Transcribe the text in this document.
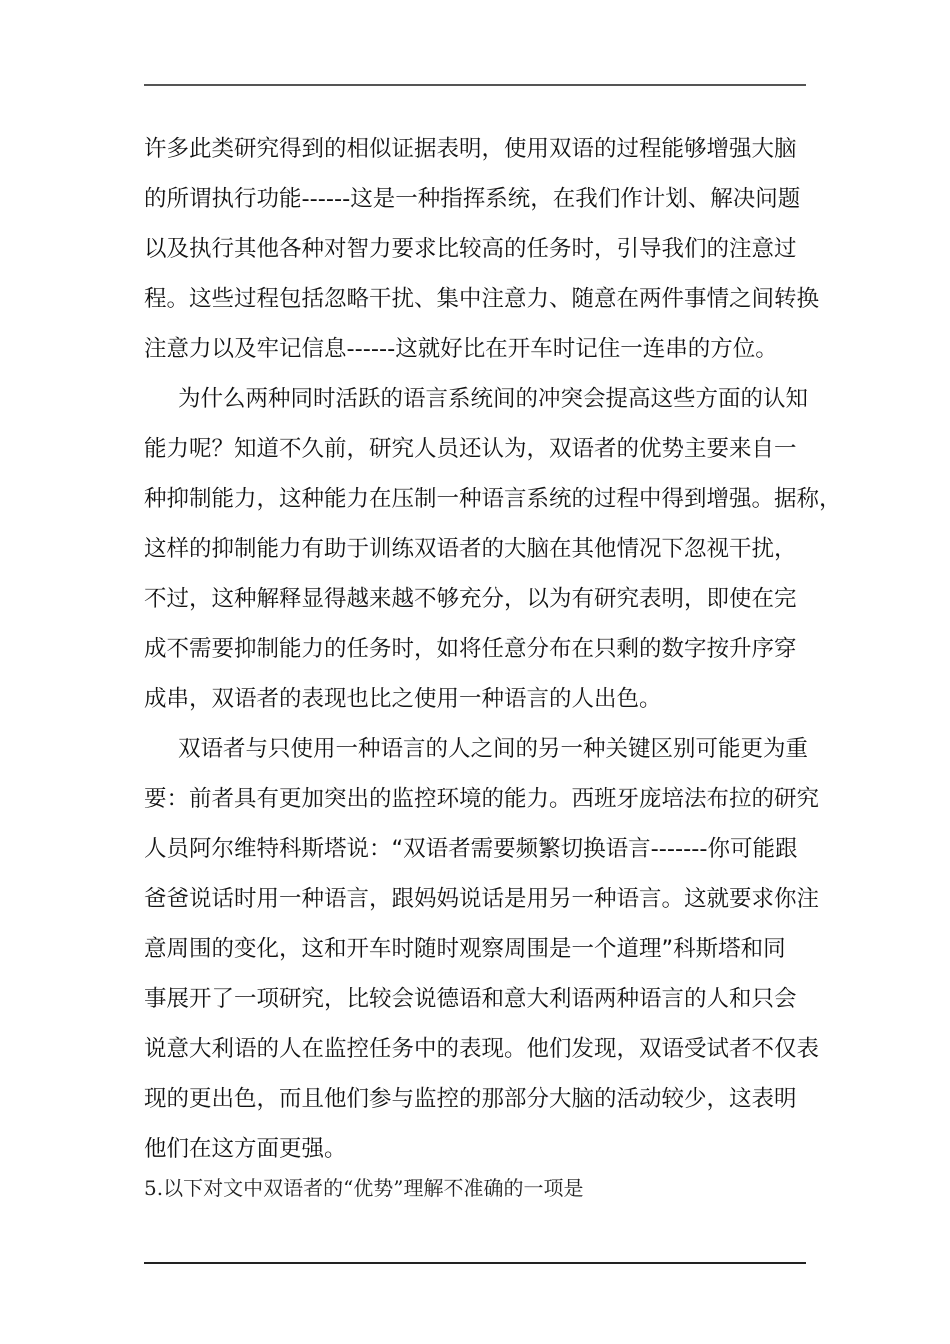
许多此类研究得到的相似证据表明，使用双语的过程能够增强大脑
的所谓执行功能------这是一种指挥系统，在我们作计划、解决问题
以及执行其他各种对智力要求比较高的任务时，引导我们的注意过
程。这些过程包括忽略干扰、集中注意力、随意在两件事情之间转换
注意力以及牢记信息------这就好比在开车时记住一连串的方位。
为什么两种同时活跃的语言系统间的冲突会提高这些方面的认知
能力呢？知道不久前，研究人员还认为，双语者的优势主要来自一
种抑制能力，这种能力在压制一种语言系统的过程中得到增强。据称，
这样的抑制能力有助于训练双语者的大脑在其他情况下忽视干扰，
不过，这种解释显得越来越不够充分，以为有研究表明，即使在完
成不需要抑制能力的任务时，如将任意分布在只剩的数字按升序穿
成串，双语者的表现也比之使用一种语言的人出色。
双语者与只使用一种语言的人之间的另一种关键区别可能更为重
要：前者具有更加突出的监控环境的能力。西班牙庞培法布拉的研究
人员阿尔维特科斯塔说：“双语者需要频繁切换语言-------你可能跟
爸爸说话时用一种语言，跟妈妈说话是用另一种语言。这就要求你注
意周围的变化，这和开车时随时观察周围是一个道理”科斯塔和同
事展开了一项研究，比较会说德语和意大利语两种语言的人和只会
说意大利语的人在监控任务中的表现。他们发现，双语受试者不仅表
现的更出色，而且他们参与监控的那部分大脑的活动较少，这表明
他们在这方面更强。
5.以下对文中双语者的“优势”理解不准确的一项是
